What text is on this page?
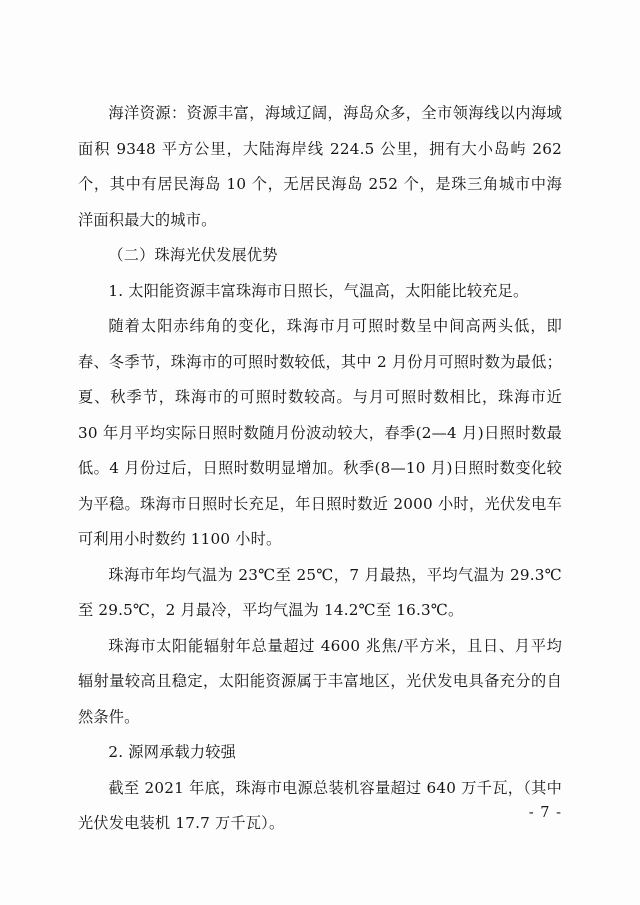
海洋资源：资源丰富，海域辽阔，海岛众多，全市领海线以内海域面积 9348 平方公里，大陆海岸线 224.5 公里，拥有大小岛屿 262 个，其中有居民海岛 10 个，无居民海岛 252 个，是珠三角城市中海洋面积最大的城市。

（二）珠海光伏发展优势

1. 太阳能资源丰富珠海市日照长，气温高，太阳能比较充足。

随着太阳赤纬角的变化，珠海市月可照时数呈中间高两头低，即春、冬季节，珠海市的可照时数较低，其中 2 月份月可照时数为最低；夏、秋季节，珠海市的可照时数较高。与月可照时数相比，珠海市近 30 年月平均实际日照时数随月份波动较大，春季(2—4 月)日照时数最低。4 月份过后，日照时数明显增加。秋季(8—10 月)日照时数变化较为平稳。珠海市日照时长充足，年日照时数近 2000 小时，光伏发电车可利用小时数约 1100 小时。

珠海市年均气温为 23℃至 25℃，7 月最热，平均气温为 29.3℃至 29.5℃，2 月最冷，平均气温为 14.2℃至 16.3℃。

珠海市太阳能辐射年总量超过 4600 兆焦/平方米，且日、月平均辐射量较高且稳定，太阳能资源属于丰富地区，光伏发电具备充分的自然条件。

2. 源网承载力较强

截至 2021 年底，珠海市电源总装机容量超过 640 万千瓦，（其中光伏发电装机 17.7 万千瓦）。

- 7 -
